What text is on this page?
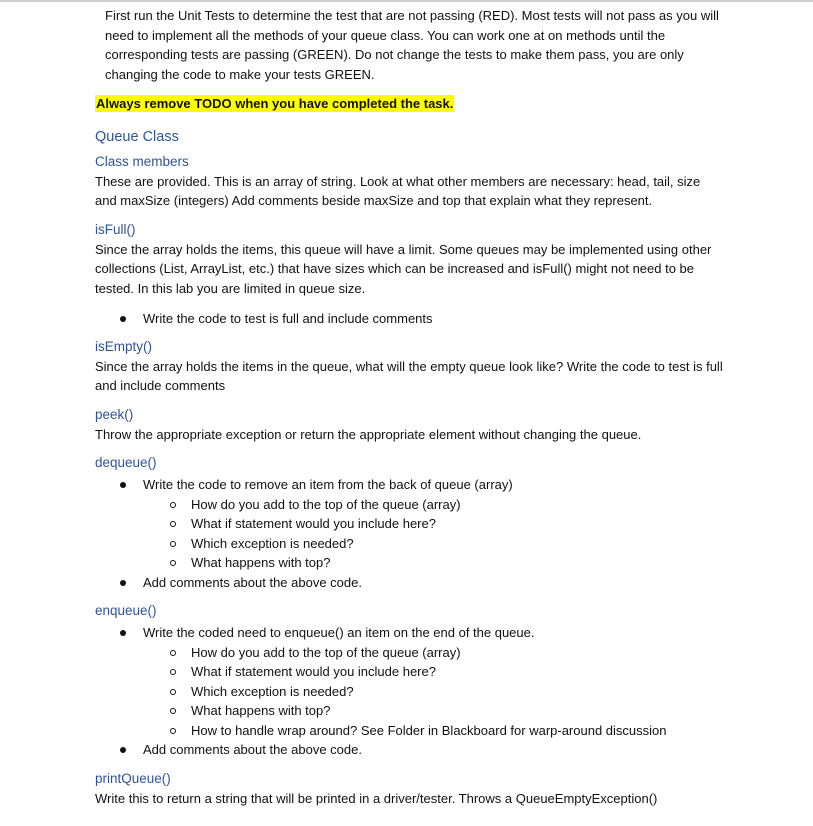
First run the Unit Tests to determine the test that are not passing (RED). Most tests will not pass as you will need to implement all the methods of your queue class. You can work one at on methods until the corresponding tests are passing (GREEN). Do not change the tests to make them pass, you are only changing the code to make your tests GREEN.

Always remove TODO when you have completed the task.

Queue Class
Class members

These are provided. This is an array of string. Look at what other members are necessary: head, tail, size and maxSize (integers) Add comments beside maxSize and top that explain what they represent.

isFull()

Since the array holds the items, this queue will have a limit. Some queues may be implemented using other collections (List, ArrayList, etc.) that have sizes which can be increased and isFull() might not need to be tested. In this lab you are limited in queue size.

Write the code to test is full and include comments
isEmpty()

Since the array holds the items in the queue, what will the empty queue look like? Write the code to test is full and include comments

peek()

Throw the appropriate exception or return the appropriate element without changing the queue.

dequeue()
Write the code to remove an item from the back of queue (array)
How do you add to the top of the queue (array)
What if statement would you include here?
Which exception is needed?
What happens with top?
Add comments about the above code.
enqueue()
Write the coded need to enqueue() an item on the end of the queue.
How do you add to the top of the queue (array)
What if statement would you include here?
Which exception is needed?
What happens with top?
How to handle wrap around? See Folder in Blackboard for warp-around discussion
Add comments about the above code.
printQueue()

Write this to return a string that will be printed in a driver/tester. Throws a QueueEmptyException()
